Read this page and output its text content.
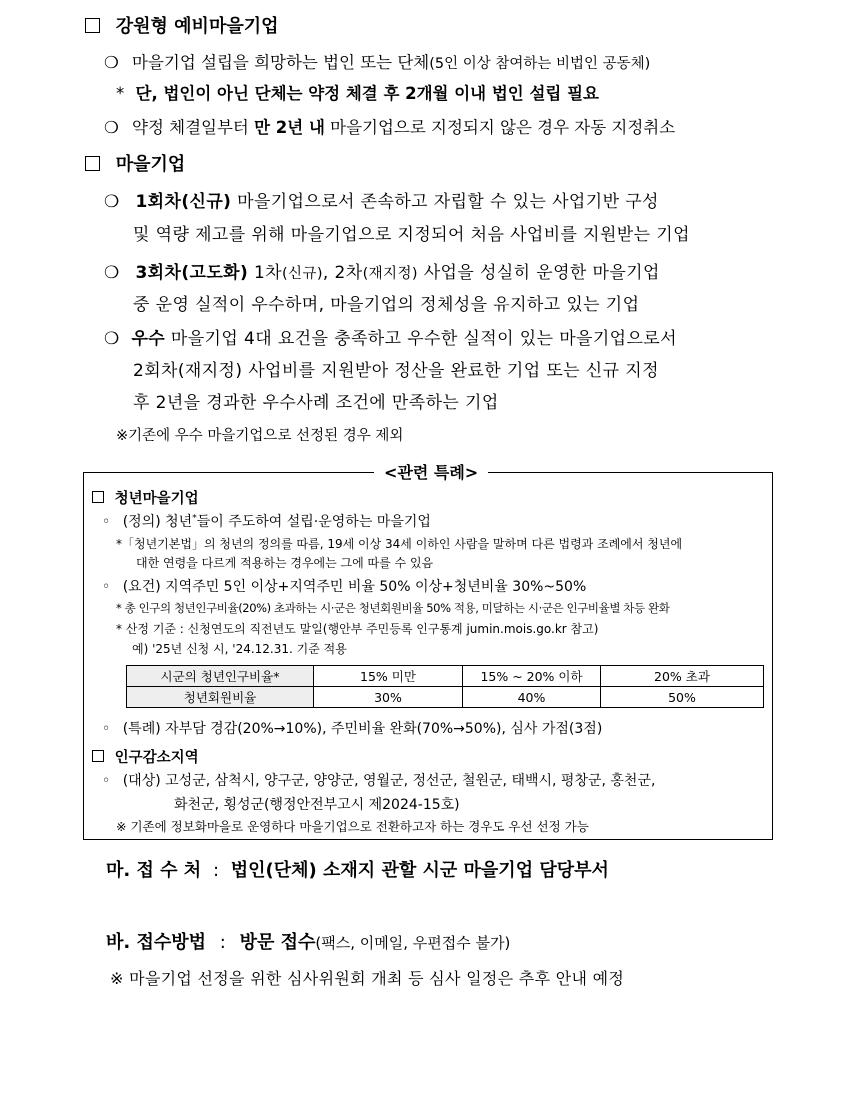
강원형 예비마을기업
❍ 마을기업 설립을 희망하는 법인 또는 단체(5인 이상 참여하는 비법인 공동체)
* 단, 법인이 아닌 단체는 약정 체결 후 2개월 이내 법인 설립 필요
❍ 약정 체결일부터 만 2년 내 마을기업으로 지정되지 않은 경우 자동 지정취소
마을기업
❍ 1회차(신규) 마을기업으로서 존속하고 자립할 수 있는 사업기반 구성
및 역량 제고를 위해 마을기업으로 지정되어 처음 사업비를 지원받는 기업
❍ 3회차(고도화) 1차(신규), 2차(재지정) 사업을 성실히 운영한 마을기업
중 운영 실적이 우수하며, 마을기업의 정체성을 유지하고 있는 기업
❍ 우수 마을기업 4대 요건을 충족하고 우수한 실적이 있는 마을기업으로서
2회차(재지정) 사업비를 지원받아 정산을 완료한 기업 또는 신규 지정
후 2년을 경과한 우수사례 조건에 만족하는 기업
※기존에 우수 마을기업으로 선정된 경우 제외
<관련 특례>
청년마을기업
◦ (정의) 청년*들이 주도하여 설립·운영하는 마을기업
*「청년기본법」의 청년의 정의를 따름, 19세 이상 34세 이하인 사람을 말하며 다른 법령과 조례에서 청년에
대한 연령을 다르게 적용하는 경우에는 그에 따를 수 있음
◦ (요건) 지역주민 5인 이상+지역주민 비율 50% 이상+청년비율 30%~50%
* 총 인구의 청년인구비율(20%) 초과하는 시·군은 청년회원비율 50% 적용, 미달하는 시·군은 인구비율별 차등 완화
* 산정 기준 : 신청연도의 직전년도 말일(행안부 주민등록 인구통계 jumin.mois.go.kr 참고)
예) '25년 신청 시, '24.12.31. 기준 적용
시군의 청년인구비율*	15% 미만	15% ~ 20% 이하	20% 초과
청년회원비율	30%	40%	50%
◦ (특례) 자부담 경감(20%→10%), 주민비율 완화(70%→50%), 심사 가점(3점)
인구감소지역
◦ (대상) 고성군, 삼척시, 양구군, 양양군, 영월군, 정선군, 철원군, 태백시, 평창군, 홍천군,
화천군, 횡성군(행정안전부고시 제2024-15호)
※ 기존에 정보화마을로 운영하다 마을기업으로 전환하고자 하는 경우도 우선 선정 가능
마. 접 수 처 : 법인(단체) 소재지 관할 시군 마을기업 담당부서
바. 접수방법 : 방문 접수(팩스, 이메일, 우편접수 불가)
※ 마을기업 선정을 위한 심사위원회 개최 등 심사 일정은 추후 안내 예정
